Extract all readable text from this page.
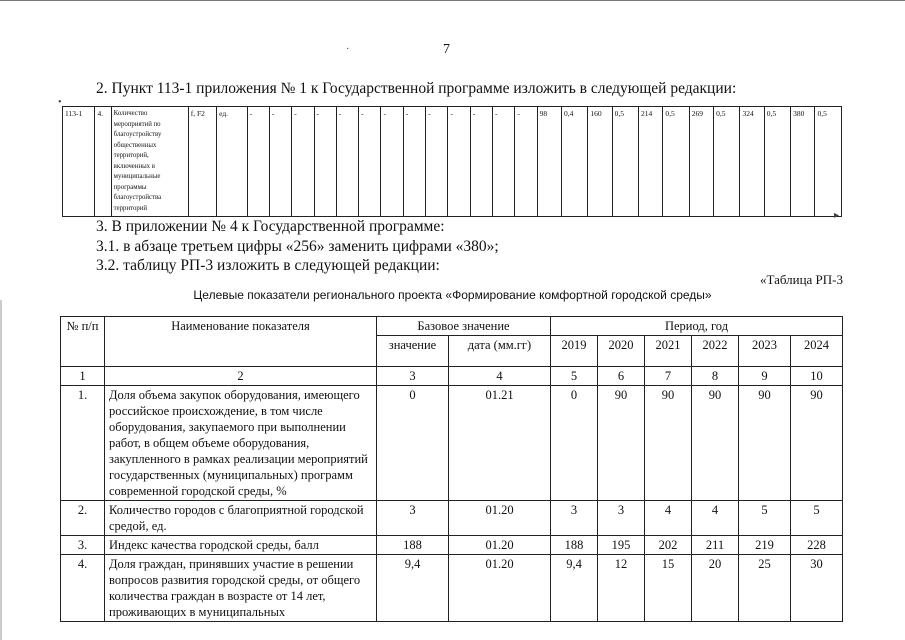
7
·
2. Пункт 113-1 приложения № 1 к Государственной программе изложить в следующей редакции:
•
113-1	4.	Количество мероприятий по благоустройству общественных территорий, включенных в муниципальные программы благоустройства территорий	f, F2	ед.	-	-	-	-	-	-	-	-	-	-	-	-	-	98	0,4	160	0,5	214	0,5	269	0,5	324	0,5	380	0,5
3. В приложении № 4 к Государственной программе:
▸
3.1. в абзаце третьем цифры «256» заменить цифрами «380»;
3.2. таблицу РП-3 изложить в следующей редакции:
«Таблица РП-3
Целевые показатели регионального проекта «Формирование комфортной городской среды»
№ п/п	Наименование показателя	Базовое значение		Период, год					
		значение	дата (мм.гг)	2019	2020	2021	2022	2023	2024
1	2	3	4	5	6	7	8	9	10
1.	Доля объема закупок оборудования, имеющего российское происхождение, в том числе оборудования, закупаемого при выполнении работ, в общем объеме оборудования, закупленного в рамках реализации мероприятий государственных (муниципальных) программ современной городской среды, %	0	01.21	0	90	90	90	90	90
2.	Количество городов с благоприятной городской средой, ед.	3	01.20	3	3	4	4	5	5
3.	Индекс качества городской среды, балл	188	01.20	188	195	202	211	219	228
4.	Доля граждан, принявших участие в решении вопросов развития городской среды, от общего количества граждан в возрасте от 14 лет, проживающих в муниципальных	9,4	01.20	9,4	12	15	20	25	30
